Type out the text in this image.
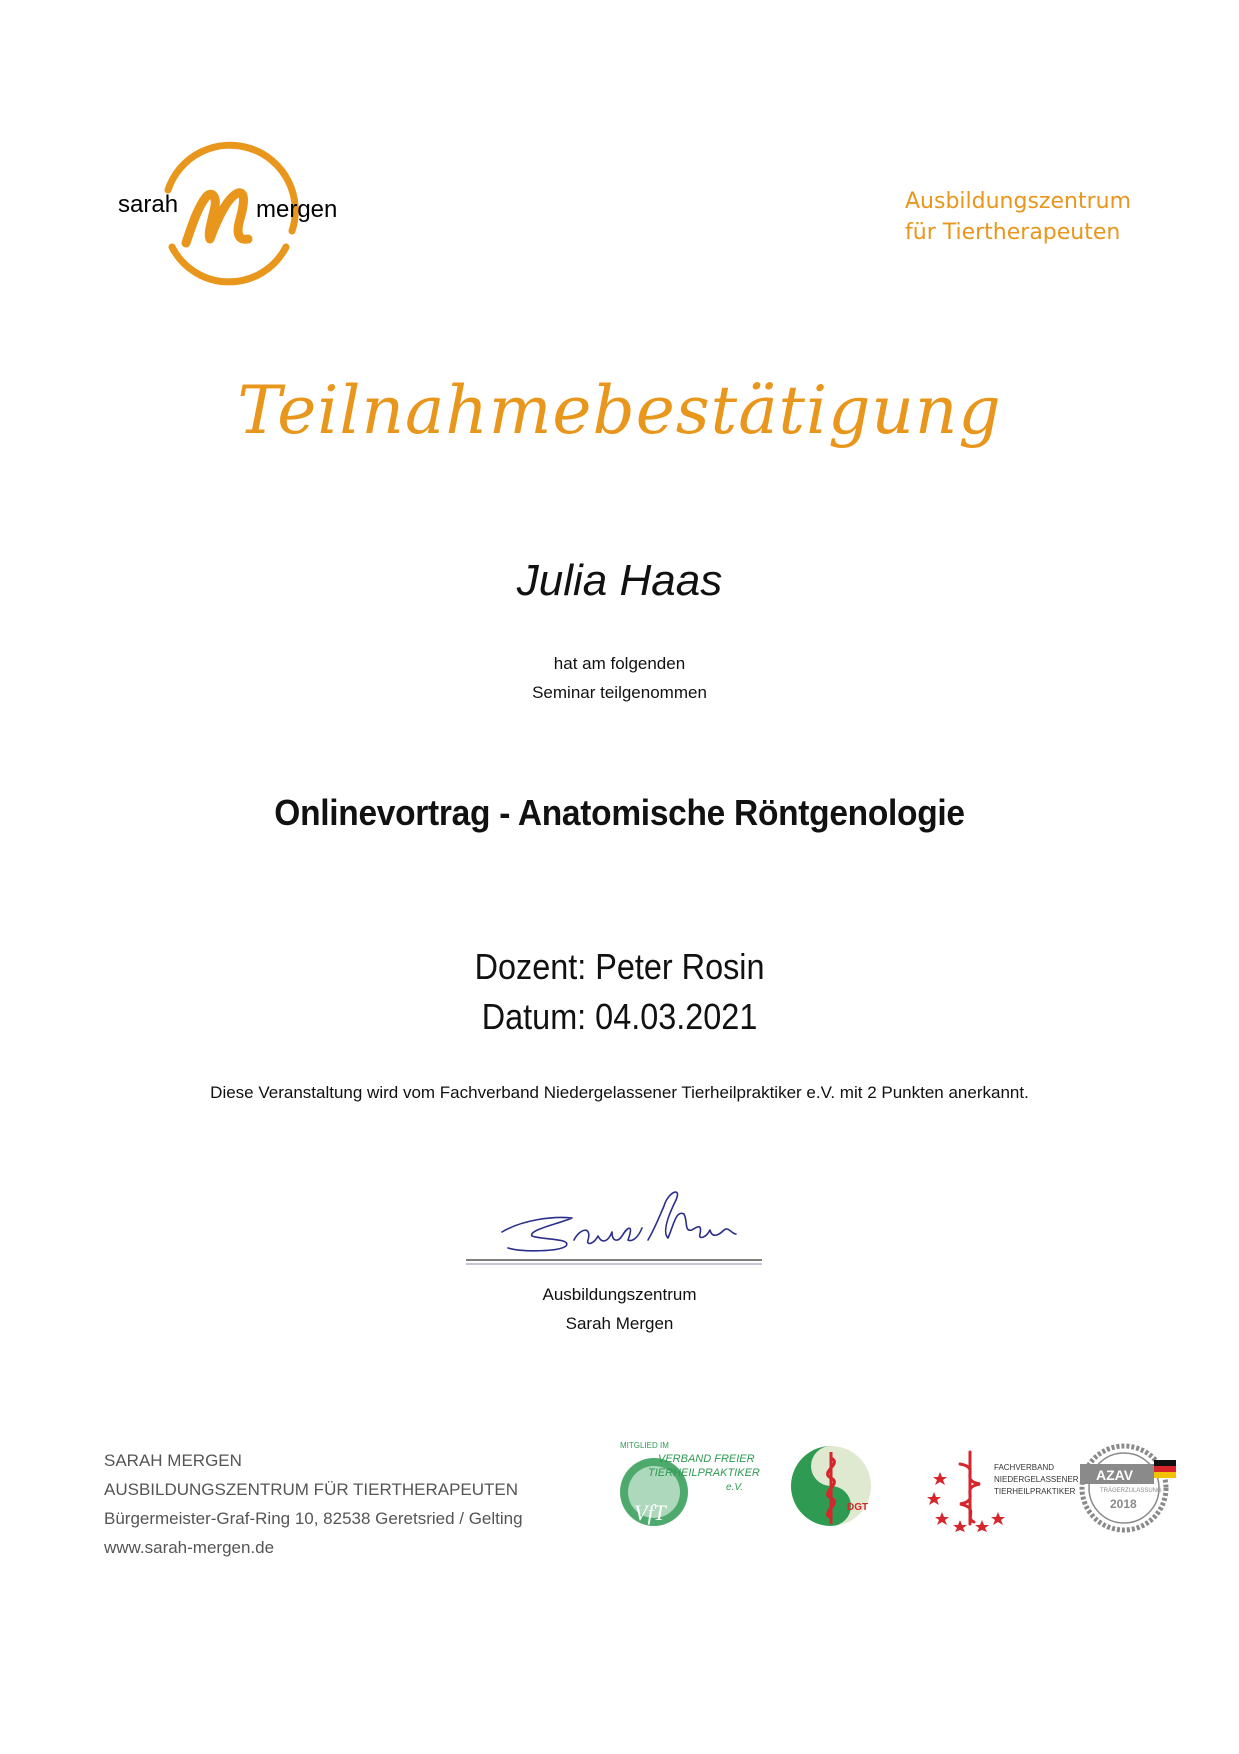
sarah	mergen	Ausbildungszentrum
für Tiertherapeuten
Teilnahmebestätigung
Julia Haas
hat am folgenden
Seminar teilgenommen
Onlinevortrag - Anatomische Röntgenologie
Dozent: Peter Rosin
Datum: 04.03.2021
Diese Veranstaltung wird vom Fachverband Niedergelassener Tierheilpraktiker e.V. mit 2 Punkten anerkannt.
Ausbildungszentrum
Sarah Mergen
SARAH MERGEN
AUSBILDUNGSZENTRUM FÜR TIERTHERAPEUTEN
Bürgermeister-Graf-Ring 10, 82538 Geretsried / Gelting
www.sarah-mergen.de
MITGLIED IM
VERBAND FREIER
TIERHEILPRAKTIKER
e.V.
VfT	DGT
FACHVERBAND
NIEDERGELASSENER
TIERHEILPRAKTIKER
AZAV
TRÄGERZULASSUNG
2018
